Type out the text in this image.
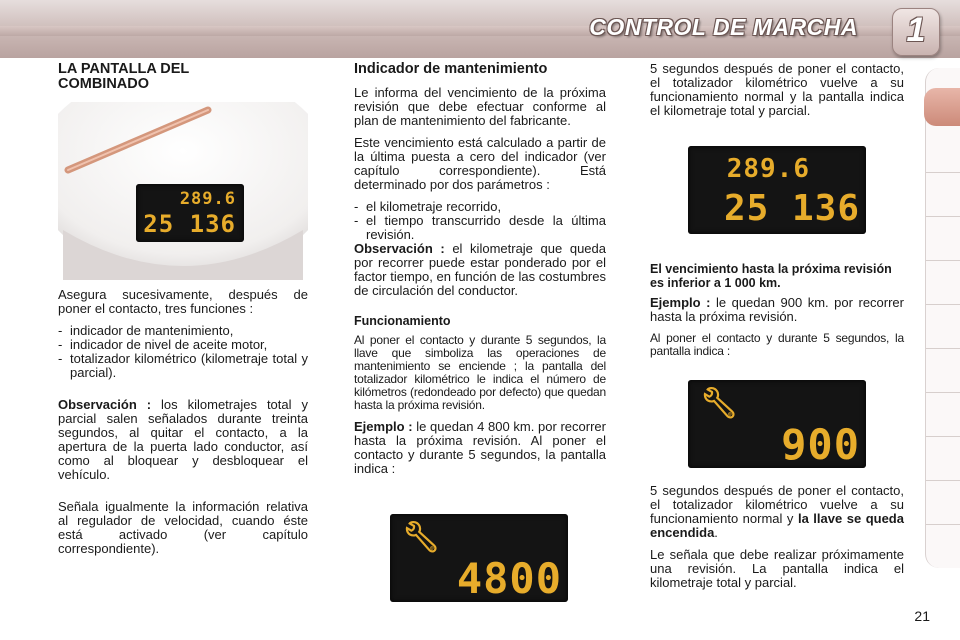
CONTROL DE MARCHA	1
LA PANTALLA DEL COMBINADO
289.6
25 136

Asegura sucesivamente, después de poner el contacto, tres funciones :

- indicador de mantenimiento,
- indicador de nivel de aceite motor,
- totalizador kilométrico (kilometraje total y parcial).

Observación : los kilometrajes total y parcial salen señalados durante treinta segundos, al quitar el contacto, a la apertura de la puerta lado conductor, así como al bloquear y desbloquear el vehículo.

Señala igualmente la información relativa al regulador de velocidad, cuando éste está activado (ver capítulo correspondiente).

Indicador de mantenimiento

Le informa del vencimiento de la próxima revisión que debe efectuar conforme al plan de mantenimiento del fabricante.

Este vencimiento está calculado a partir de la última puesta a cero del indicador (ver capítulo correspondiente). Está determinado por dos parámetros :

- el kilometraje recorrido,
- el tiempo transcurrido desde la última revisión.

Observación : el kilometraje que queda por recorrer puede estar ponderado por el factor tiempo, en función de las costumbres de circulación del conductor.

Funcionamiento

Al poner el contacto y durante 5 segundos, la llave que simboliza las operaciones de mantenimiento se enciende ; la pantalla del totalizador kilométrico le indica el número de kilómetros (redondeado por defecto) que quedan hasta la próxima revisión.

Ejemplo : le quedan 4 800 km. por recorrer hasta la próxima revisión. Al poner el contacto y durante 5 segundos, la pantalla indica :

🔧︎
4800

5 segundos después de poner el contacto, el totalizador kilométrico vuelve a su funcionamiento normal y la pantalla indica el kilometraje total y parcial.

289.6
25 136
El vencimiento hasta la próxima revisión es inferior a 1 000 km.

Ejemplo : le quedan 900 km. por recorrer hasta la próxima revisión.

Al poner el contacto y durante 5 segundos, la pantalla indica :

🔧︎
900

5 segundos después de poner el contacto, el totalizador kilométrico vuelve a su funcionamiento normal y la llave se queda encendida.

Le señala que debe realizar próximamente una revisión. La pantalla indica el kilometraje total y parcial.

21
